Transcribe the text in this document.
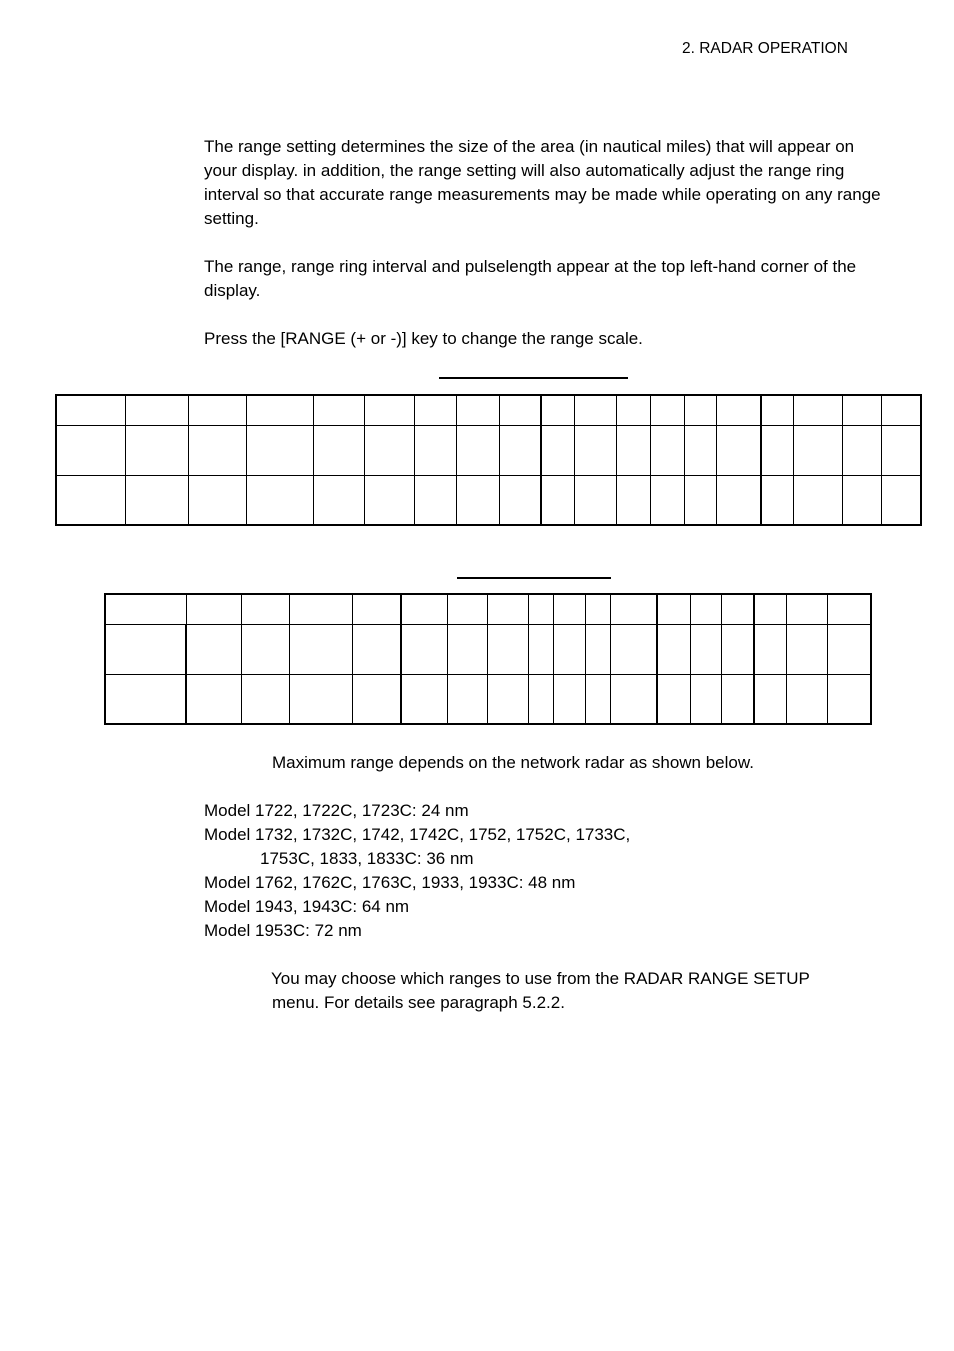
2. RADAR OPERATION

The range setting determines the size of the area (in nautical miles) that will appear on your display. in addition, the range setting will also automatically adjust the range ring interval so that accurate range measurements may be made while operating on any range setting.

The range, range ring interval and pulselength appear at the top left-hand corner of the display.

Press the [RANGE (+ or -)] key to change the range scale.

Maximum range depends on the network radar as shown below.
Model 1722, 1722C, 1723C: 24 nm
Model 1732, 1732C, 1742, 1742C, 1752, 1752C, 1733C,
1753C, 1833, 1833C: 36 nm
Model 1762, 1762C, 1763C, 1933, 1933C: 48 nm
Model 1943, 1943C: 64 nm
Model 1953C: 72 nm
You may choose which ranges to use from the RADAR RANGE SETUP
menu. For details see paragraph 5.2.2.
